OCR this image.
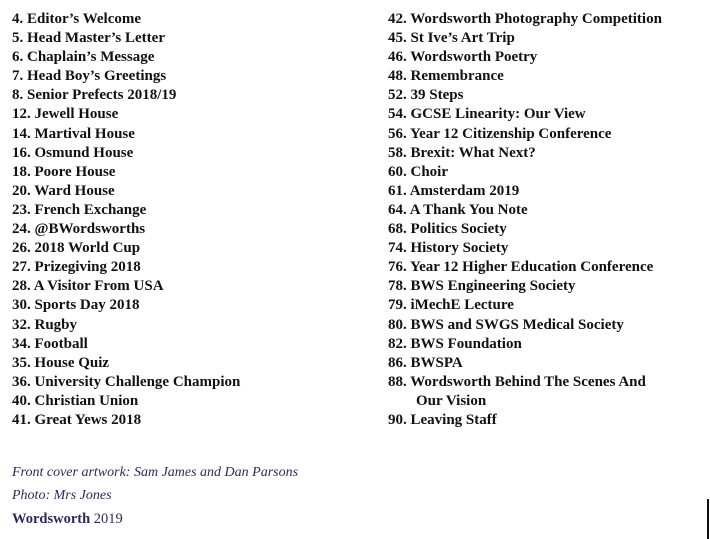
4. Editor’s Welcome
5. Head Master’s Letter
6. Chaplain’s Message
7. Head Boy’s Greetings
8. Senior Prefects 2018/19
12. Jewell House
14. Martival House
16. Osmund House
18. Poore House
20. Ward House
23. French Exchange
24. @BWordsworths
26. 2018 World Cup
27. Prizegiving 2018
28. A Visitor From USA
30. Sports Day 2018
32. Rugby
34. Football
35. House Quiz
36. University Challenge Champion
40. Christian Union
41. Great Yews 2018
42. Wordsworth Photography Competition
45. St Ive’s Art Trip
46. Wordsworth Poetry
48. Remembrance
52. 39 Steps
54. GCSE Linearity: Our View
56. Year 12 Citizenship Conference
58. Brexit: What Next?
60. Choir
61. Amsterdam 2019
64. A Thank You Note
68. Politics Society
74. History Society
76. Year 12 Higher Education Conference
78. BWS Engineering Society
79. iMechE Lecture
80. BWS and SWGS Medical Society
82. BWS Foundation
86. BWSPA
88. Wordsworth Behind The Scenes And
Our Vision
90. Leaving Staff
Front cover artwork: Sam James and Dan Parsons
Photo: Mrs Jones
Wordsworth 2019
